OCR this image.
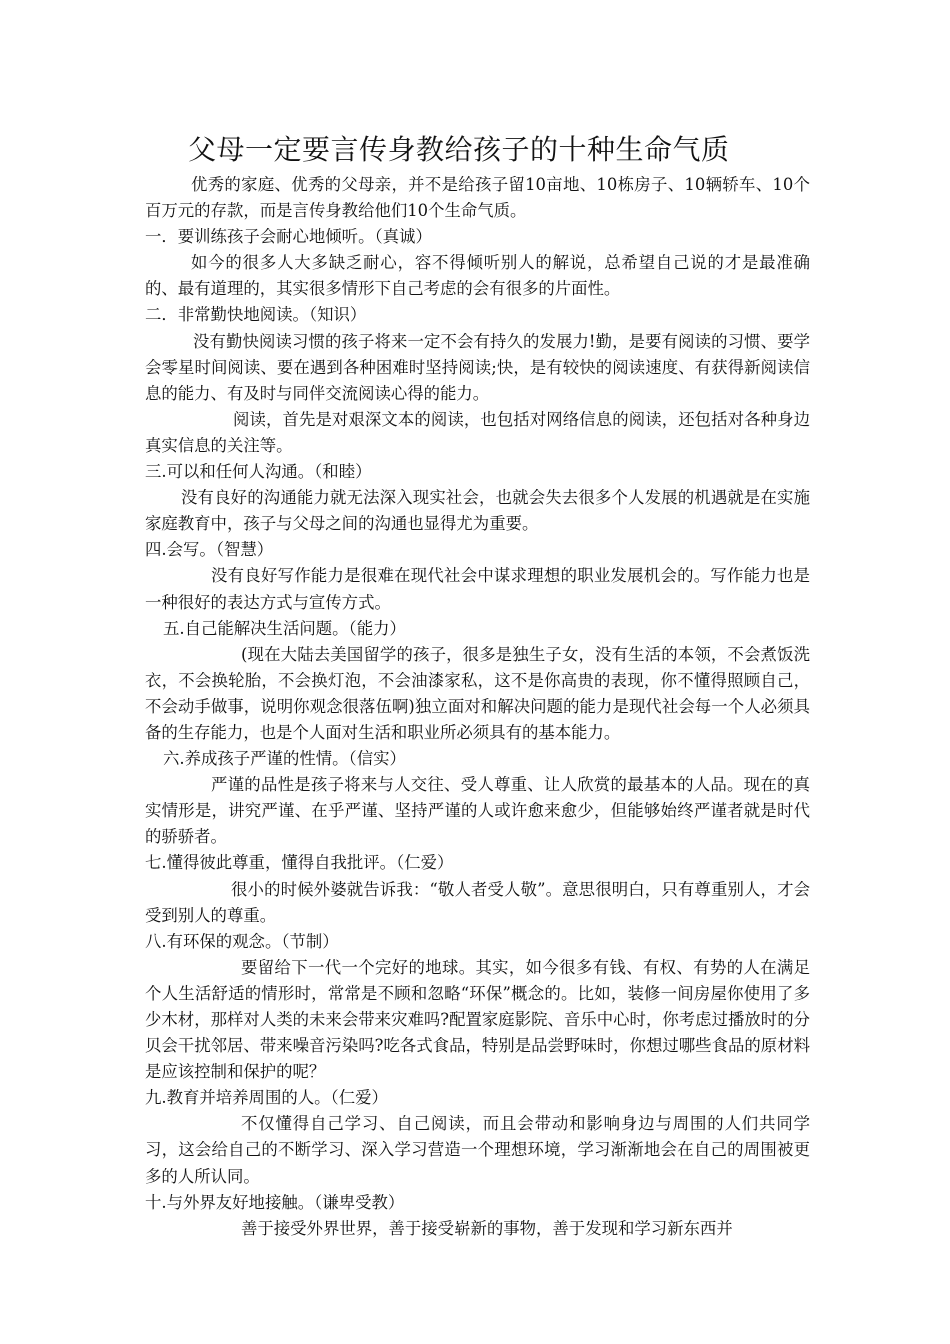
父母一定要言传身教给孩子的十种生命气质

优秀的家庭、优秀的父母亲，并不是给孩子留10亩地、10栋房子、10辆轿车、10个百万元的存款，而是言传身教给他们10个生命气质。

一．要训练孩子会耐心地倾听。（真诚）

如今的很多人大多缺乏耐心，容不得倾听别人的解说，总希望自己说的才是最准确的、最有道理的，其实很多情形下自己考虑的会有很多的片面性。

二．非常勤快地阅读。（知识）

没有勤快阅读习惯的孩子将来一定不会有持久的发展力!勤，是要有阅读的习惯、要学会零星时间阅读、要在遇到各种困难时坚持阅读;快，是有较快的阅读速度、有获得新阅读信息的能力、有及时与同伴交流阅读心得的能力。

阅读，首先是对艰深文本的阅读，也包括对网络信息的阅读，还包括对各种身边真实信息的关注等。

三.可以和任何人沟通。（和睦）

没有良好的沟通能力就无法深入现实社会，也就会失去很多个人发展的机遇就是在实施家庭教育中，孩子与父母之间的沟通也显得尤为重要。

四.会写。（智慧）

没有良好写作能力是很难在现代社会中谋求理想的职业发展机会的。写作能力也是一种很好的表达方式与宣传方式。

五.自己能解决生活问题。（能力）

(现在大陆去美国留学的孩子，很多是独生子女，没有生活的本领，不会煮饭洗衣，不会换轮胎，不会换灯泡，不会油漆家私，这不是你高贵的表现，你不懂得照顾自己，不会动手做事，说明你观念很落伍啊)独立面对和解决问题的能力是现代社会每一个人必须具备的生存能力，也是个人面对生活和职业所必须具有的基本能力。

六.养成孩子严谨的性情。（信实）

严谨的品性是孩子将来与人交往、受人尊重、让人欣赏的最基本的人品。现在的真实情形是，讲究严谨、在乎严谨、坚持严谨的人或许愈来愈少，但能够始终严谨者就是时代的骄骄者。

七.懂得彼此尊重，懂得自我批评。（仁爱）

很小的时候外婆就告诉我：“敬人者受人敬”。意思很明白，只有尊重别人，才会受到别人的尊重。

八.有环保的观念。（节制）

要留给下一代一个完好的地球。其实，如今很多有钱、有权、有势的人在满足个人生活舒适的情形时，常常是不顾和忽略“环保”概念的。比如，装修一间房屋你使用了多少木材，那样对人类的未来会带来灾难吗?配置家庭影院、音乐中心时，你考虑过播放时的分贝会干扰邻居、带来噪音污染吗?吃各式食品，特别是品尝野味时，你想过哪些食品的原材料是应该控制和保护的呢？

九.教育并培养周围的人。（仁爱）

不仅懂得自己学习、自己阅读，而且会带动和影响身边与周围的人们共同学习，这会给自己的不断学习、深入学习营造一个理想环境，学习渐渐地会在自己的周围被更多的人所认同。

十.与外界友好地接触。（谦卑受教）

善于接受外界世界，善于接受崭新的事物，善于发现和学习新东西并
